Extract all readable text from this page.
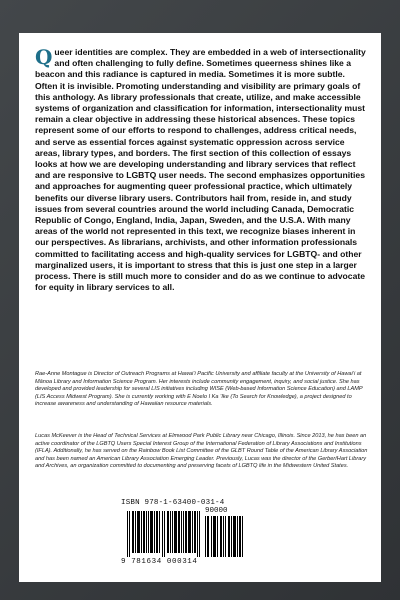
Queer identities are complex. They are embedded in a web of intersectionality and often challenging to fully define. Sometimes queerness shines like a beacon and this radiance is captured in media. Sometimes it is more subtle. Often it is invisible. Promoting understanding and visibility are primary goals of this anthology. As library professionals that create, utilize, and make accessible systems of organization and classification for information, intersectionality must remain a clear objective in addressing these historical absences. These topics represent some of our efforts to respond to challenges, address critical needs, and serve as essential forces against systematic oppression across service areas, library types, and borders. The first section of this collection of essays looks at how we are developing understanding and library services that reflect and are responsive to LGBTQ user needs. The second emphasizes opportunities and approaches for augmenting queer professional practice, which ultimately benefits our diverse library users. Contributors hail from, reside in, and study issues from several countries around the world including Canada, Democratic Republic of Congo, England, India, Japan, Sweden, and the U.S.A. With many areas of the world not represented in this text, we recognize biases inherent in our perspectives. As librarians, archivists, and other information professionals committed to facilitating access and high-quality services for LGBTQ- and other marginalized users, it is important to stress that this is just one step in a larger process. There is still much more to consider and do as we continue to advocate for equity in library services to all.

Rae-Anne Montague is Director of Outreach Programs at Hawai‘i Pacific University and affiliate faculty at the University of Hawai‘i at Mānoa Library and Information Science Program. Her interests include community engagement, inquiry, and social justice. She has developed and provided leadership for several LIS initiatives including WISE (Web-based Information Science Education) and LAMP (LIS Access Midwest Program). She is currently working with E Noelo I Ka ‘Ike (To Search for Knowledge), a project designed to increase awareness and understanding of Hawaiian resource materials.

Lucas McKeever is the Head of Technical Services at Elmwood Park Public Library near Chicago, Illinois. Since 2013, he has been an active coordinator of the LGBTQ Users Special Interest Group of the International Federation of Library Associations and Institutions (IFLA). Additionally, he has served on the Rainbow Book List Committee of the GLBT Round Table of the American Library Association and has been named an American Library Association Emerging Leader. Previously, Lucas was the director of the Gerber/Hart Library and Archives, an organization committed to documenting and preserving facets of LGBTQ life in the Midwestern United States.

ISBN 978-1-63400-031-4
90000
9 781634 000314
